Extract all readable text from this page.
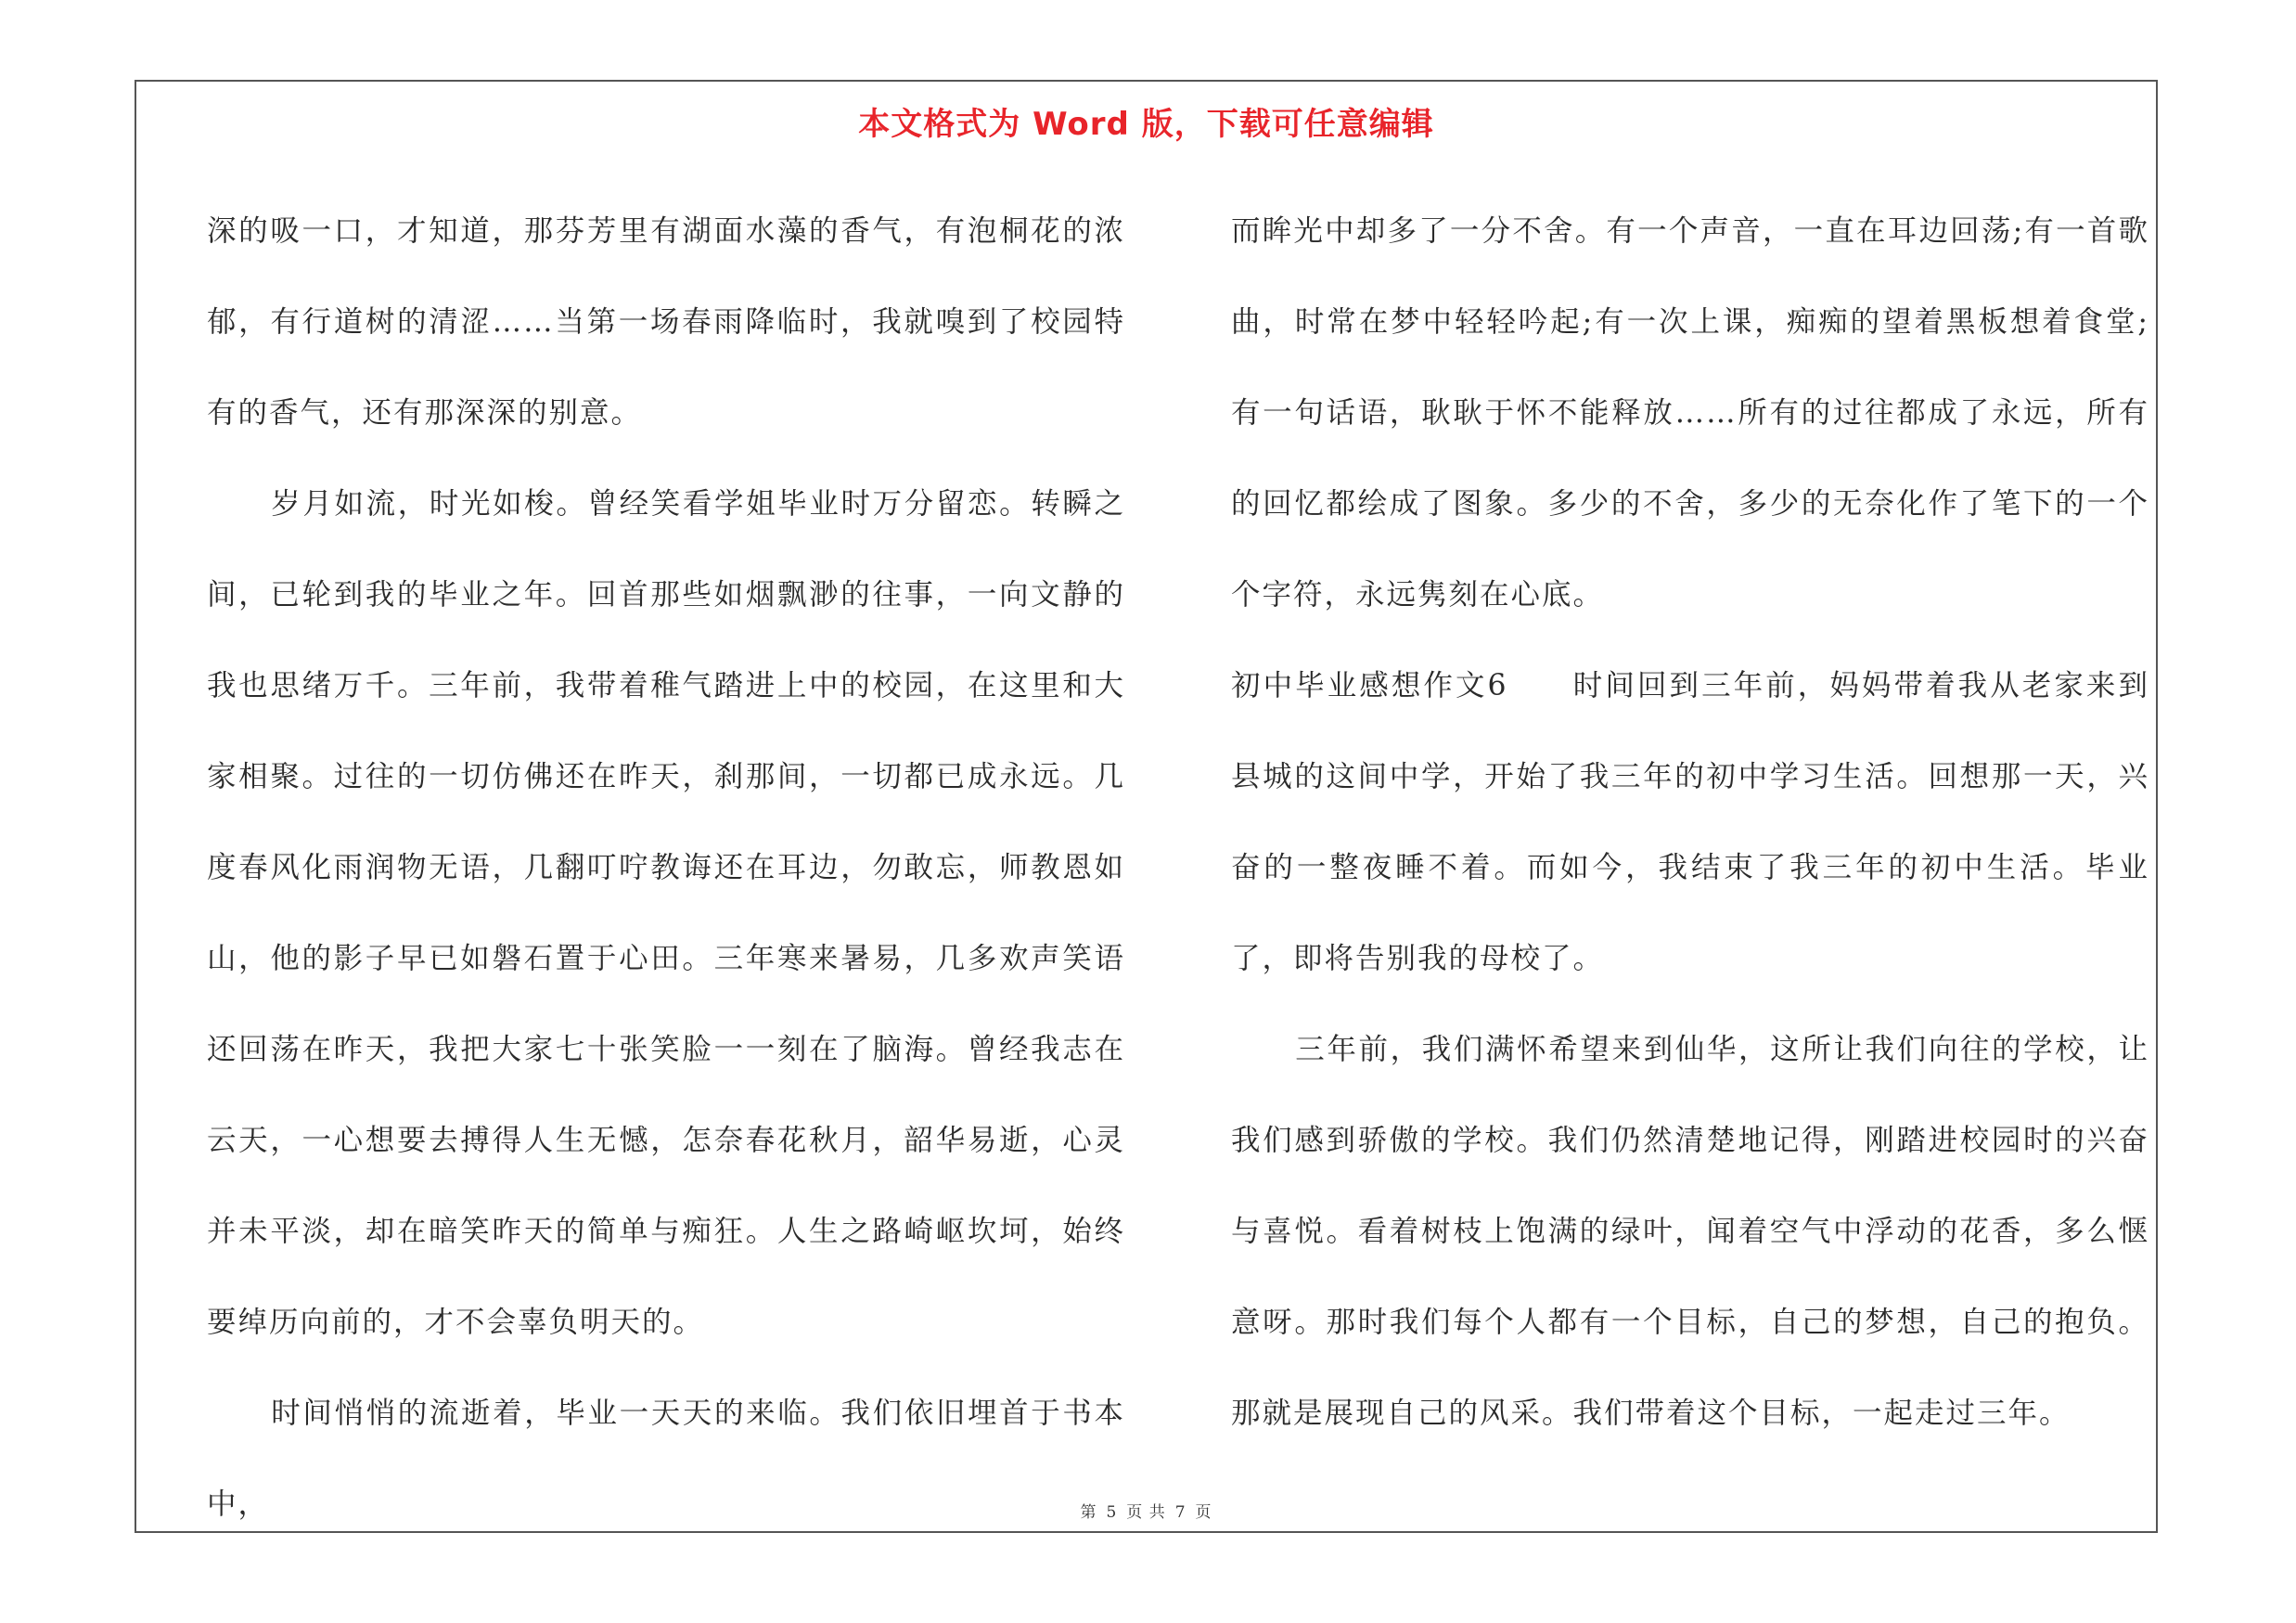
本文格式为 Word 版，下载可任意编辑

深的吸一口，才知道，那芬芳里有湖面水藻的香气，有泡桐花的浓郁，有行道树的清涩……当第一场春雨降临时，我就嗅到了校园特有的香气，还有那深深的别意。

岁月如流，时光如梭。曾经笑看学姐毕业时万分留恋。转瞬之间，已轮到我的毕业之年。回首那些如烟飘渺的往事，一向文静的我也思绪万千。三年前，我带着稚气踏进上中的校园，在这里和大家相聚。过往的一切仿佛还在昨天，刹那间，一切都已成永远。几度春风化雨润物无语，几翻叮咛教诲还在耳边，勿敢忘，师教恩如山，他的影子早已如磐石置于心田。三年寒来暑易，几多欢声笑语还回荡在昨天，我把大家七十张笑脸一一刻在了脑海。曾经我志在云天，一心想要去搏得人生无憾，怎奈春花秋月，韶华易逝，心灵并未平淡，却在暗笑昨天的简单与痴狂。人生之路崎岖坎坷，始终要绰历向前的，才不会辜负明天的。

时间悄悄的流逝着，毕业一天天的来临。我们依旧埋首于书本中，

而眸光中却多了一分不舍。有一个声音，一直在耳边回荡;有一首歌曲，时常在梦中轻轻吟起;有一次上课，痴痴的望着黑板想着食堂;有一句话语，耿耿于怀不能释放……所有的过往都成了永远，所有的回忆都绘成了图象。多少的不舍，多少的无奈化作了笔下的一个个字符，永远隽刻在心底。

初中毕业感想作文6　　时间回到三年前，妈妈带着我从老家来到县城的这间中学，开始了我三年的初中学习生活。回想那一天，兴奋的一整夜睡不着。而如今，我结束了我三年的初中生活。毕业了，即将告别我的母校了。

三年前，我们满怀希望来到仙华，这所让我们向往的学校，让我们感到骄傲的学校。我们仍然清楚地记得，刚踏进校园时的兴奋与喜悦。看着树枝上饱满的绿叶，闻着空气中浮动的花香，多么惬意呀。那时我们每个人都有一个目标，自己的梦想，自己的抱负。那就是展现自己的风采。我们带着这个目标，一起走过三年。

第 5 页 共 7 页
